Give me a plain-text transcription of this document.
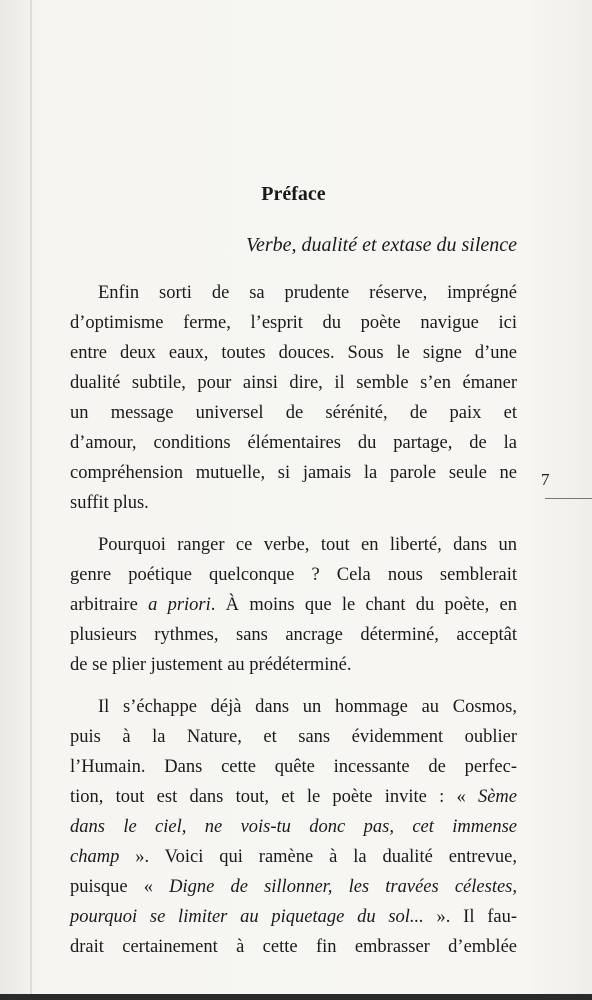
Préface
Verbe, dualité et extase du silence
Enfin sorti de sa prudente réserve, imprégné
d’optimisme ferme, l’esprit du poète navigue ici
entre deux eaux, toutes douces. Sous le signe d’une
dualité subtile, pour ainsi dire, il semble s’en émaner
un message universel de sérénité, de paix et
d’amour, conditions élémentaires du partage, de la
compréhension mutuelle, si jamais la parole seule ne
suffit plus.
Pourquoi ranger ce verbe, tout en liberté, dans un
genre poétique quelconque ? Cela nous semblerait
arbitraire a priori. À moins que le chant du poète, en
plusieurs rythmes, sans ancrage déterminé, acceptât
de se plier justement au prédéterminé.
Il s’échappe déjà dans un hommage au Cosmos,
puis à la Nature, et sans évidemment oublier
l’Humain. Dans cette quête incessante de perfec-
tion, tout est dans tout, et le poète invite : « Sème
dans le ciel, ne vois-tu donc pas, cet immense
champ ». Voici qui ramène à la dualité entrevue,
puisque « Digne de sillonner, les travées célestes,
pourquoi se limiter au piquetage du sol... ». Il fau-
drait certainement à cette fin embrasser d’emblée
7
